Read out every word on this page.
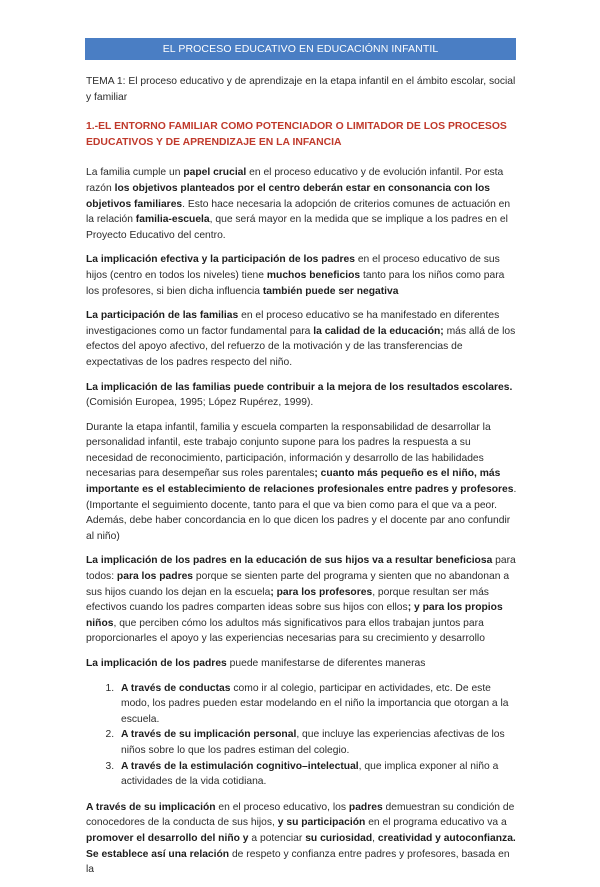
EL PROCESO EDUCATIVO EN EDUCACIÓNN INFANTIL

TEMA 1: El proceso educativo y de aprendizaje en la etapa infantil en el ámbito escolar, social y familiar

1.-EL ENTORNO FAMILIAR COMO POTENCIADOR O LIMITADOR DE LOS PROCESOS EDUCATIVOS Y DE APRENDIZAJE EN LA INFANCIA

La familia cumple un papel crucial en el proceso educativo y de evolución infantil. Por esta razón los objetivos planteados por el centro deberán estar en consonancia con los objetivos familiares. Esto hace necesaria la adopción de criterios comunes de actuación en la relación familia-escuela, que será mayor en la medida que se implique a los padres en el Proyecto Educativo del centro.

La implicación efectiva y la participación de los padres en el proceso educativo de sus hijos (centro en todos los niveles) tiene muchos beneficios tanto para los niños como para los profesores, si bien dicha influencia también puede ser negativa

La participación de las familias en el proceso educativo se ha manifestado en diferentes investigaciones como un factor fundamental para la calidad de la educación; más allá de los efectos del apoyo afectivo, del refuerzo de la motivación y de las transferencias de expectativas de los padres respecto del niño.

La implicación de las familias puede contribuir a la mejora de los resultados escolares. (Comisión Europea, 1995; López Rupérez, 1999).

Durante la etapa infantil, familia y escuela comparten la responsabilidad de desarrollar la personalidad infantil, este trabajo conjunto supone para los padres la respuesta a su necesidad de reconocimiento, participación, información y desarrollo de las habilidades necesarias para desempeñar sus roles parentales; cuanto más pequeño es el niño, más importante es el establecimiento de relaciones profesionales entre padres y profesores.(Importante el seguimiento docente, tanto para el que va bien como para el que va a peor. Además, debe haber concordancia en lo que dicen los padres y el docente par ano confundir al niño)

La implicación de los padres en la educación de sus hijos va a resultar beneficiosa para todos: para los padres porque se sienten parte del programa y sienten que no abandonan a sus hijos cuando los dejan en la escuela; para los profesores, porque resultan ser más efectivos cuando los padres comparten ideas sobre sus hijos con ellos; y para los propios niños, que perciben cómo los adultos más significativos para ellos trabajan juntos para proporcionarles el apoyo y las experiencias necesarias para su crecimiento y desarrollo

La implicación de los padres puede manifestarse de diferentes maneras

1. A través de conductas como ir al colegio, participar en actividades, etc. De este modo, los padres pueden estar modelando en el niño la importancia que otorgan a la escuela.
2. A través de su implicación personal, que incluye las experiencias afectivas de los niños sobre lo que los padres estiman del colegio.
3. A través de la estimulación cognitivo–intelectual, que implica exponer al niño a actividades de la vida cotidiana.

A través de su implicación en el proceso educativo, los padres demuestran su condición de conocedores de la conducta de sus hijos, y su participación en el programa educativo va a promover el desarrollo del niño y a potenciar su curiosidad, creatividad y autoconfianza. Se establece así una relación de respeto y confianza entre padres y profesores, basada en la
